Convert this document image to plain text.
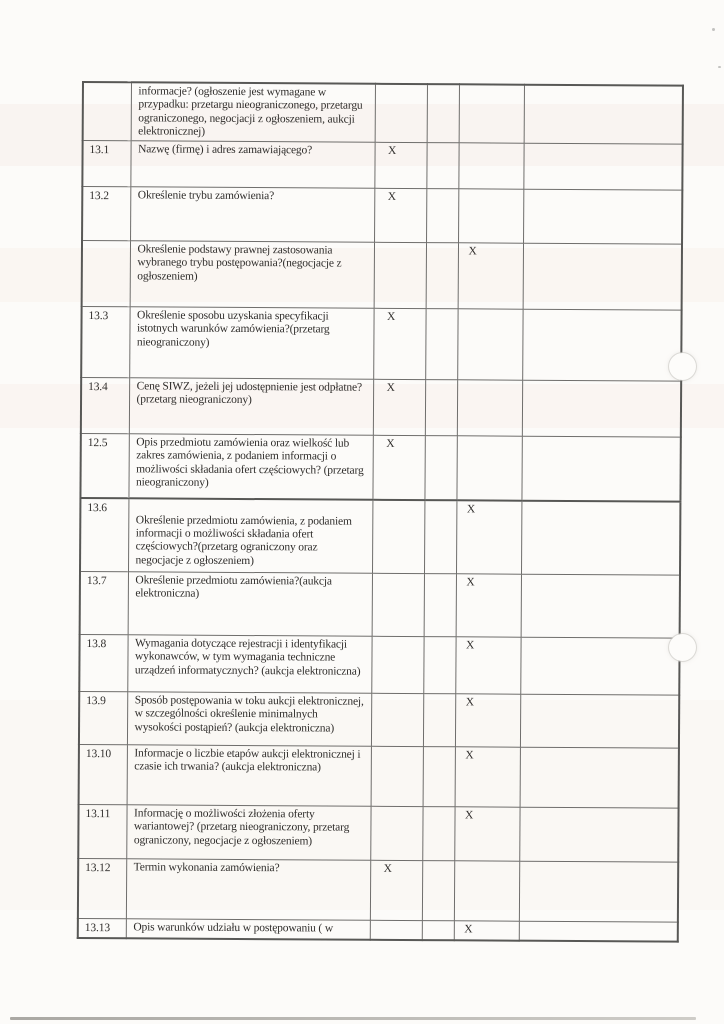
	informacje? (ogłoszenie jest wymagane w przypadku: przetargu nieograniczonego, przetargu ograniczonego, negocjacji z ogłoszeniem, aukcji elektronicznej)				

13.1	Nazwę (firmę) i adres zamawiającego?	X			
13.2	Określenie trybu zamówienia?	X			

	Określenie podstawy prawnej zastosowania wybranego trybu postępowania?(negocjacje z ogłoszeniem)			X	
13.3	Określenie sposobu uzyskania specyfikacji istotnych warunków zamówienia?(przetarg nieograniczony)	X			
13.4	Cenę SIWZ, jeżeli jej udostępnienie jest odpłatne?(przetarg nieograniczony)	X			
12.5	Opis przedmiotu zamówienia oraz wielkość lub zakres zamówienia, z podaniem informacji o możliwości składania ofert częściowych? (przetarg nieograniczony)	X			
13.6	Określenie przedmiotu zamówienia, z podaniem informacji o możliwości składania ofert częściowych?(przetarg ograniczony oraz negocjacje z ogłoszeniem)			X	
13.7	Określenie przedmiotu zamówienia?(aukcja elektroniczna)			X	
13.8	Wymagania dotyczące rejestracji i identyfikacji wykonawców, w tym wymagania techniczne urządzeń informatycznych? (aukcja elektroniczna)			X	
13.9	Sposób postępowania w toku aukcji elektronicznej, w szczególności określenie minimalnych wysokości postąpień? (aukcja elektroniczna)			X	
13.10	Informacje o liczbie etapów aukcji elektronicznej i czasie ich trwania? (aukcja elektroniczna)			X	
13.11	Informację o możliwości złożenia oferty wariantowej? (przetarg nieograniczony, przetarg ograniczony, negocjacje z ogłoszeniem)			X	
13.12	Termin wykonania zamówienia?	X			
13.13	Opis warunków udziału w postępowaniu ( w			X	
